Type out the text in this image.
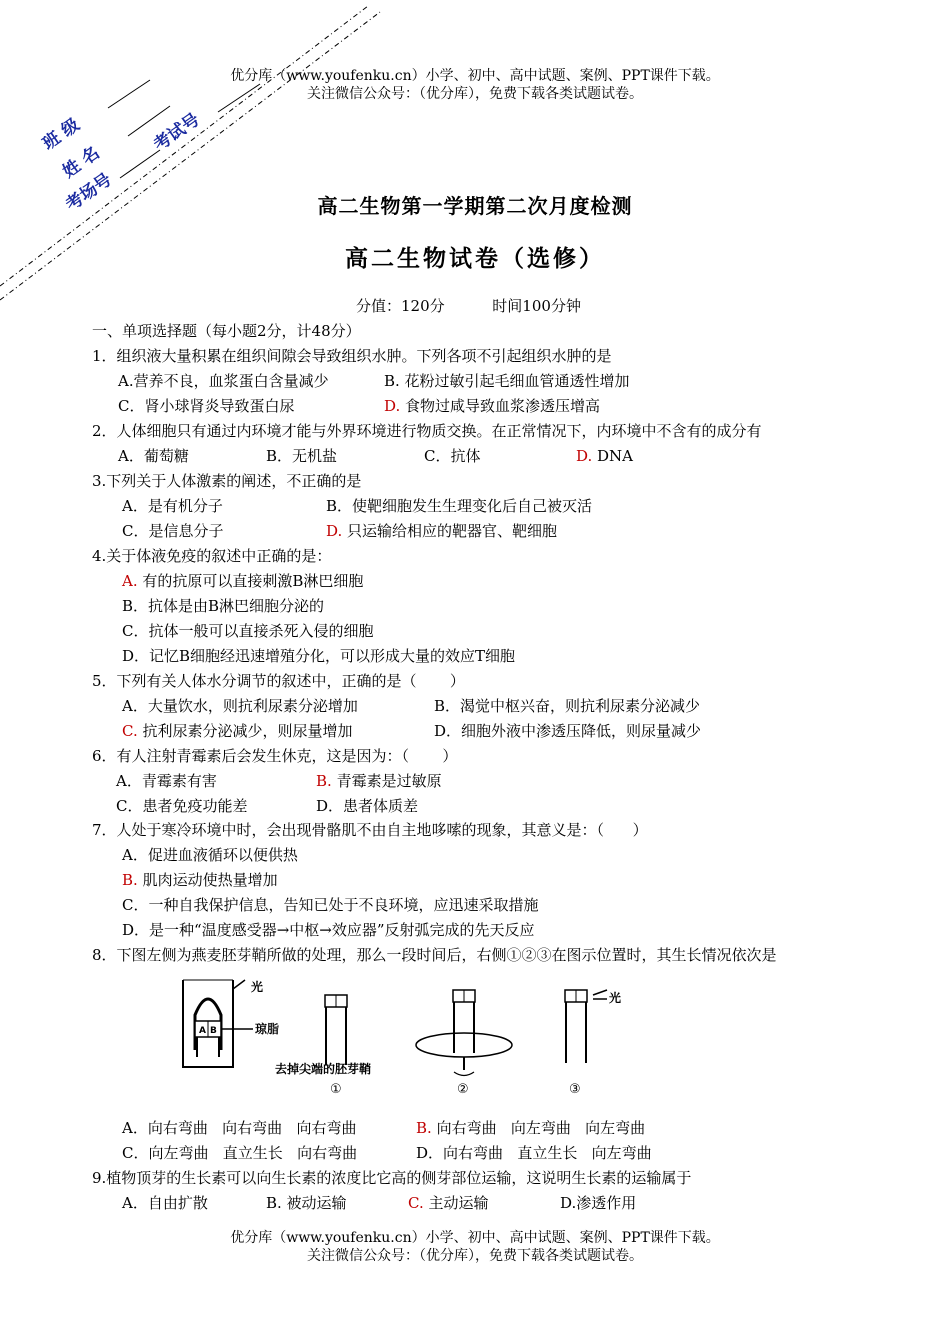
优分库（www.youfenku.cn）小学、初中、高中试题、案例、PPT课件下载。
关注微信公众号：（优分库），免费下载各类试题试卷。
班 级
姓 名
考场号
考试号
高二生物第一学期第二次月度检测
高二生物试卷（选修）
分值：120分          时间100分钟
一、单项选择题（每小题2分，计48分）
1．组织液大量积累在组织间隙会导致组织水肿。下列各项不引起组织水肿的是
A.营养不良，血浆蛋白含量减少	B. 花粉过敏引起毛细血管通透性增加
C．肾小球肾炎导致蛋白尿	D. 食物过咸导致血浆渗透压增高
2．人体细胞只有通过内环境才能与外界环境进行物质交换。在正常情况下，内环境中不含有的成分有
A．葡萄糖	B．无机盐	C．抗体	D. DNA
3.下列关于人体激素的阐述，不正确的是
A．是有机分子	B．使靶细胞发生生理变化后自己被灭活
C．是信息分子	D. 只运输给相应的靶器官、靶细胞
4.关于体液免疫的叙述中正确的是：
A. 有的抗原可以直接刺激B淋巴细胞
B．抗体是由B淋巴细胞分泌的
C．抗体一般可以直接杀死入侵的细胞
D．记忆B细胞经迅速增殖分化，可以形成大量的效应T细胞
5．下列有关人体水分调节的叙述中，正确的是（       ）
A．大量饮水，则抗利尿素分泌增加	B．渴觉中枢兴奋，则抗利尿素分泌减少
C. 抗利尿素分泌减少，则尿量增加	D．细胞外液中渗透压降低，则尿量减少
6．有人注射青霉素后会发生休克，这是因为：（       ）
A．青霉素有害	B. 青霉素是过敏原
C．患者免疫功能差	D．患者体质差
7．人处于寒冷环境中时，会出现骨骼肌不由自主地哆嗦的现象，其意义是：（      ）
A．促进血液循环以便供热
B. 肌肉运动使热量增加
C．一种自我保护信息，告知已处于不良环境，应迅速采取措施
D．是一种“温度感受器→中枢→效应器”反射弧完成的先天反应
8．下图左侧为燕麦胚芽鞘所做的处理，那么一段时间后，右侧①②③在图示位置时，其生长情况依次是
A B
光
琼脂
去掉尖端的胚芽鞘
①	②
光
③
A．向右弯曲   向右弯曲   向右弯曲	B. 向右弯曲   向左弯曲   向左弯曲
C．向左弯曲   直立生长   向右弯曲	D．向右弯曲   直立生长   向左弯曲
9.植物顶芽的生长素可以向生长素的浓度比它高的侧芽部位运输，这说明生长素的运输属于
A．自由扩散	B. 被动运输	C. 主动运输	D.渗透作用
优分库（www.youfenku.cn）小学、初中、高中试题、案例、PPT课件下载。
关注微信公众号：（优分库），免费下载各类试题试卷。
